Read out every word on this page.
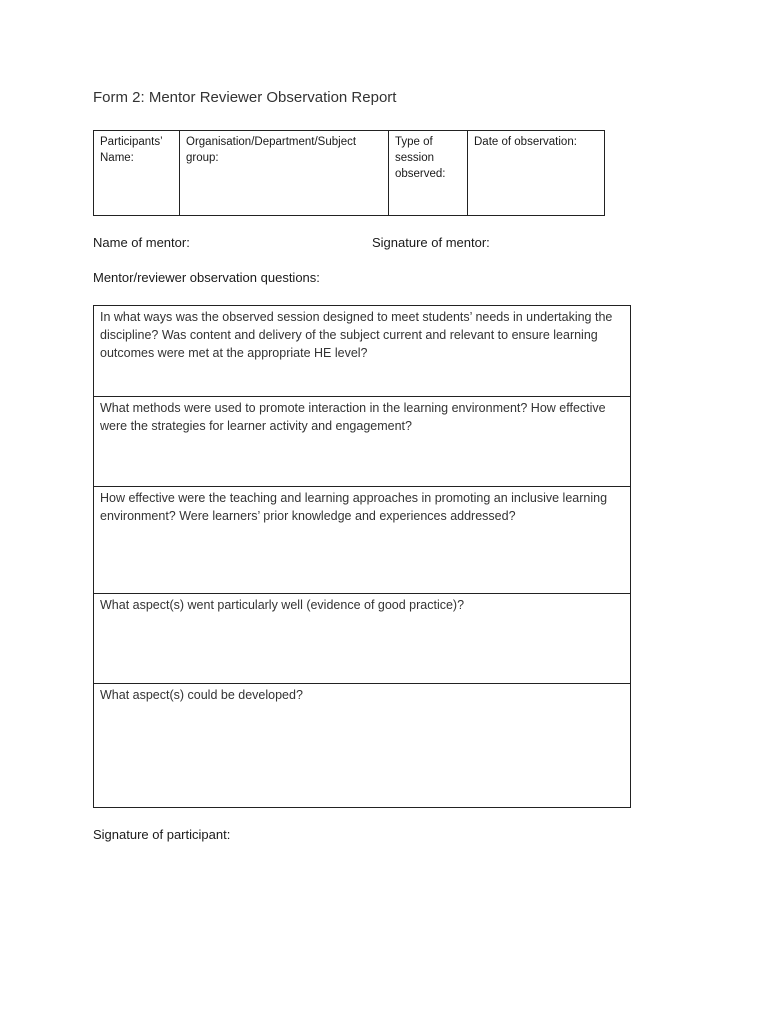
Form 2: Mentor Reviewer Observation Report
Participants’ Name:	Organisation/Department/Subject group:	Type of session observed:	Date of observation:
Name of mentor:	Signature of mentor:
Mentor/reviewer observation questions:
In what ways was the observed session designed to meet students’ needs in undertaking the discipline? Was content and delivery of the subject current and relevant to ensure learning outcomes were met at the appropriate HE level?
What methods were used to promote interaction in the learning environment? How effective were the strategies for learner activity and engagement?
How effective were the teaching and learning approaches in promoting an inclusive learning environment? Were learners’ prior knowledge and experiences addressed?
What aspect(s) went particularly well (evidence of good practice)?
What aspect(s) could be developed?
Signature of participant:
